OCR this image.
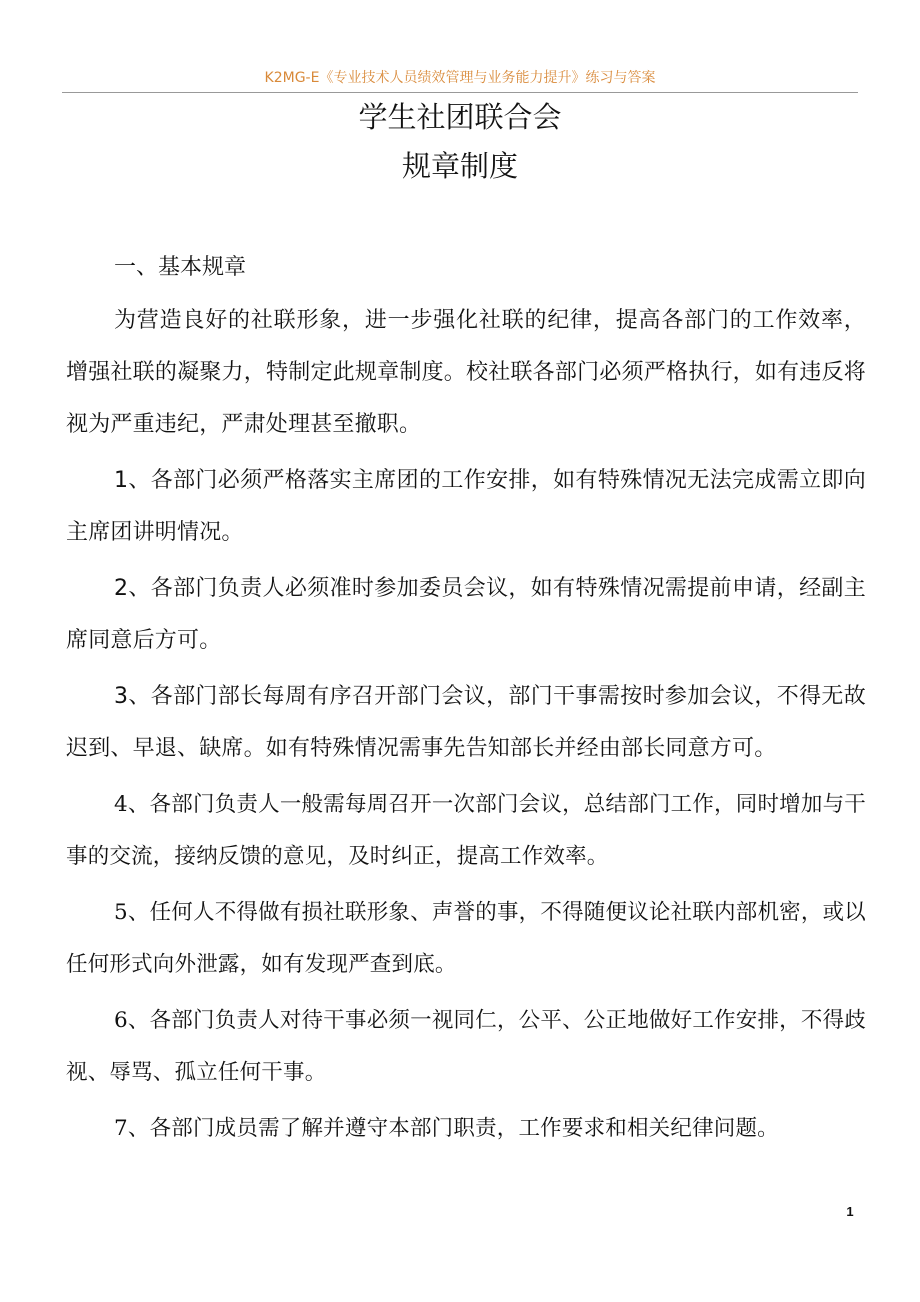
K2MG-E《专业技术人员绩效管理与业务能力提升》练习与答案
学生社团联合会
规章制度

一、基本规章

为营造良好的社联形象，进一步强化社联的纪律，提高各部门的工作效率，增强社联的凝聚力，特制定此规章制度。校社联各部门必须严格执行，如有违反将视为严重违纪，严肃处理甚至撤职。

1、各部门必须严格落实主席团的工作安排，如有特殊情况无法完成需立即向主席团讲明情况。

2、各部门负责人必须准时参加委员会议，如有特殊情况需提前申请，经副主席同意后方可。

3、各部门部长每周有序召开部门会议，部门干事需按时参加会议，不得无故迟到、早退、缺席。如有特殊情况需事先告知部长并经由部长同意方可。

4、各部门负责人一般需每周召开一次部门会议，总结部门工作，同时增加与干事的交流，接纳反馈的意见，及时纠正，提高工作效率。

5、任何人不得做有损社联形象、声誉的事，不得随便议论社联内部机密，或以任何形式向外泄露，如有发现严查到底。

6、各部门负责人对待干事必须一视同仁，公平、公正地做好工作安排，不得歧视、辱骂、孤立任何干事。

7、各部门成员需了解并遵守本部门职责，工作要求和相关纪律问题。

1
